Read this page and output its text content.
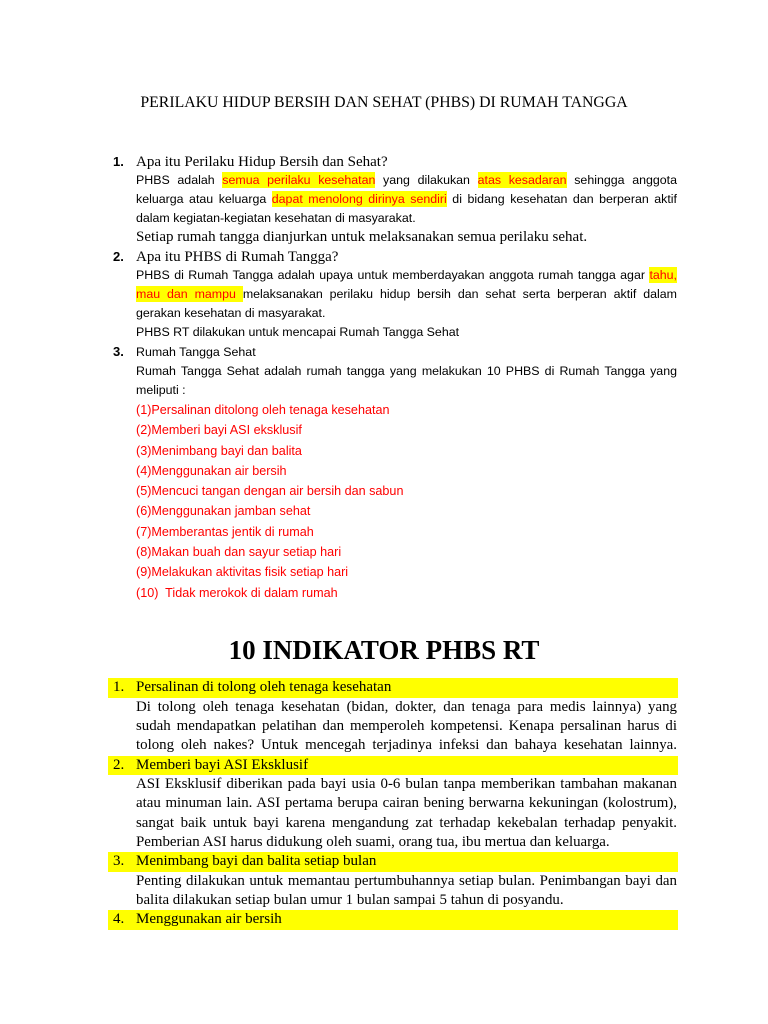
PERILAKU HIDUP BERSIH DAN SEHAT (PHBS) DI RUMAH TANGGA
1. Apa itu Perilaku Hidup Bersih dan Sehat?
PHBS adalah semua perilaku kesehatan yang dilakukan atas kesadaran sehingga anggota
keluarga atau keluarga dapat menolong dirinya sendiri di bidang kesehatan dan berperan aktif
dalam kegiatan-kegiatan kesehatan di masyarakat.
Setiap rumah tangga dianjurkan untuk melaksanakan semua perilaku sehat.
2. Apa itu PHBS di Rumah Tangga?
PHBS di Rumah Tangga adalah upaya untuk memberdayakan anggota rumah tangga agar tahu,
mau dan mampu melaksanakan perilaku hidup bersih dan sehat serta berperan aktif dalam
gerakan kesehatan di masyarakat.
PHBS RT dilakukan untuk mencapai Rumah Tangga Sehat
3. Rumah Tangga Sehat
Rumah Tangga Sehat adalah rumah tangga yang melakukan 10 PHBS di Rumah Tangga yang
meliputi :
(1)Persalinan ditolong oleh tenaga kesehatan
(2)Memberi bayi ASI eksklusif
(3)Menimbang bayi dan balita
(4)Menggunakan air bersih
(5)Mencuci tangan dengan air bersih dan sabun
(6)Menggunakan jamban sehat
(7)Memberantas jentik di rumah
(8)Makan buah dan sayur setiap hari
(9)Melakukan aktivitas fisik setiap hari
(10)  Tidak merokok di dalam rumah
10 INDIKATOR PHBS RT
1. Persalinan di tolong oleh tenaga kesehatan
Di tolong oleh tenaga kesehatan (bidan, dokter, dan tenaga para medis lainnya) yang
sudah mendapatkan pelatihan dan memperoleh kompetensi. Kenapa persalinan harus di
tolong oleh nakes? Untuk mencegah terjadinya infeksi dan bahaya kesehatan lainnya.
2. Memberi bayi ASI Eksklusif
ASI Eksklusif diberikan pada bayi usia 0-6 bulan tanpa memberikan tambahan makanan
atau minuman lain. ASI pertama berupa cairan bening berwarna kekuningan (kolostrum),
sangat baik untuk bayi karena mengandung zat terhadap kekebalan terhadap penyakit.
Pemberian ASI harus didukung oleh suami, orang tua, ibu mertua dan keluarga.
3. Menimbang bayi dan balita setiap bulan
Penting dilakukan untuk memantau pertumbuhannya setiap bulan. Penimbangan bayi dan
balita dilakukan setiap bulan umur 1 bulan sampai 5 tahun di posyandu.
4. Menggunakan air bersih
